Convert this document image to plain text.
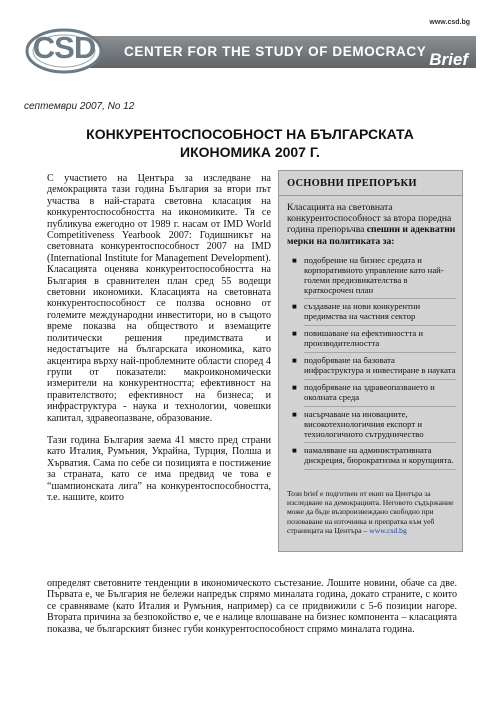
www.csd.bg
Brief
CSD CENTER FOR THE STUDY OF DEMOCRACY
септември 2007, No 12
КОНКУРЕНТОСПОСОБНОСТ НА БЪЛГАРСКАТА
ИКОНОМИКА 2007 Г.

С участието на Центъра за изследване на демокрацията тази година България за втори път участва в най-старата световна класация на конкурентоспособността на икономиките. Тя се публикува ежегодно от 1989 г. насам от IMD World Competitiveness Yearbook 2007: Годишникът на световната конкурентоспособност 2007 на IMD (International Institute for Management Development). Класацията оценява конкурентоспособността на България в сравнителен план сред 55 водещи световни икономики. Класацията на световната конкурентоспособност се ползва основно от големите международни инвеститори, но в същото време показва на обществото и вземащите политически решения предимствата и недостатъците на българската икономика, като акцентира върху най-проблемните области според 4 групи от показатели: макроикономически измерители на конкурентността; ефективност на правителството; ефективност на бизнеса; и инфраструктура - наука и технологии, човешки капитал, здравеопазване, образование.

Тази година България заема 41 място пред страни като Италия, Румъния, Украйна, Турция, Полша и Хърватия. Сама по себе си позицията е постижение за страната, като се има предвид че това е “шампионската лига” на конкурентоспособността, т.е. нашите, които

определят световните тенденции в икономическото състезание. Лошите новини, обаче са две. Първата е, че България не бележи напредък спрямо миналата година, докато страните, с които се сравняваме (като Италия и Румъния, например) са се придвижили с 5-6 позиции нагоре. Втората причина за безпокойство е, че е налице влошаване на бизнес компонента – класацията показва, че българският бизнес губи конкурентоспособност спрямо миналата година.
ОСНОВНИ ПРЕПОРЪКИ
Класацията на световната конкурентоспособност за втора поредна година препоръчва спешни и адекватни мерки на политиката за:
■ подобрение на бизнес средата и корпоративното управление като най-големи предизвикателства в краткосрочен план
■ създаване на нови конкурентни предимства на частния сектор
■ повишаване на ефективността и производителността
■ подобряване на базовата инфраструктура и инвестиране в науката
■ подобряване на здравеопазването и околната среда
■ насърчаване на иновациите, високотехнологичния експорт и технологичното сътрудничество
■ намаляване на административната дискреция, бюрократизма и корупцията.
Този brief е подготвен от екип на Центъра за изследване на демокрацията. Неговото съдържание може да бъде възпроизвеждано свободно при позоваване на източника и препратка към уеб страницата на Центъра – www.csd.bg
